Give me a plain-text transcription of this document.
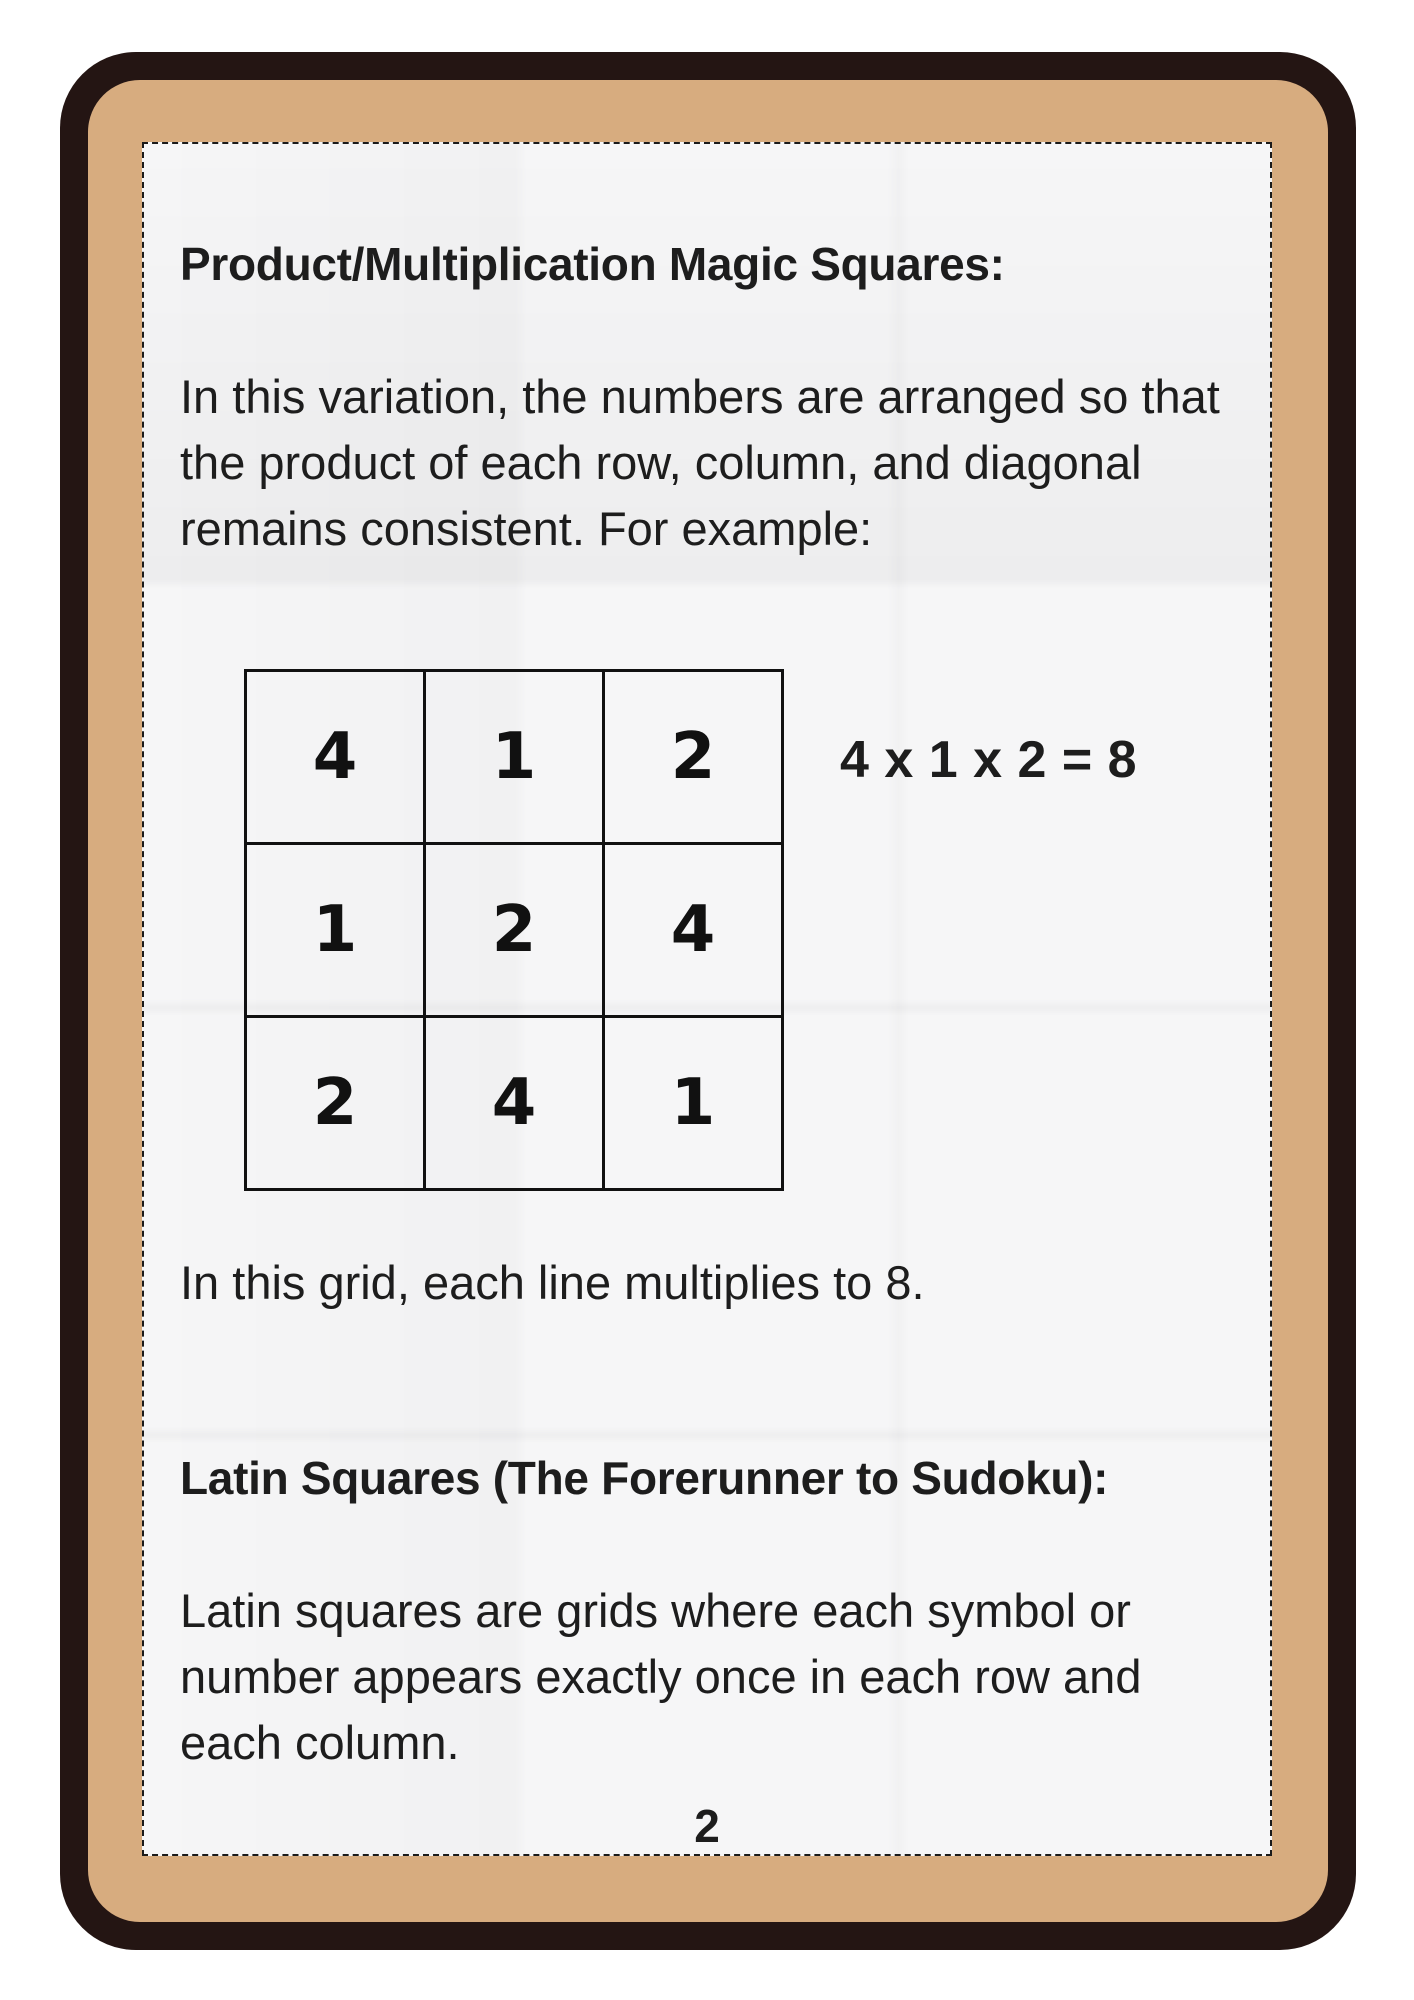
Product/Multiplication Magic Squares:

In this variation, the numbers are arranged so that the product of each row, column, and diagonal remains consistent. For example:

4	1	2
1	2	4
2	4	1

4 x 1 x 2 = 8

In this grid, each line multiplies to 8.

Latin Squares (The Forerunner to Sudoku):

Latin squares are grids where each symbol or number appears exactly once in each row and each column.

2
